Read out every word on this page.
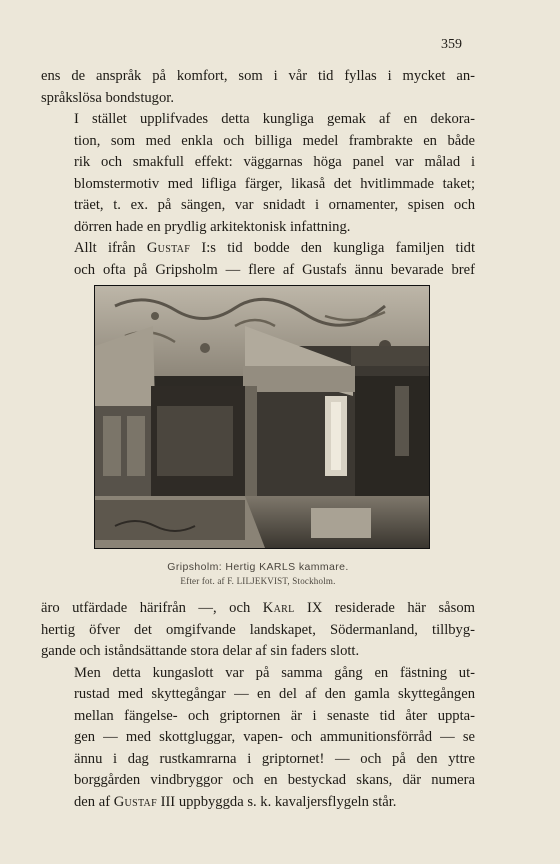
359

ens de anspråk på komfort, som i vår tid fyllas i mycket an-
språkslösa bondstugor.

I stället upplifvades detta kungliga gemak af en dekora-
tion, som med enkla och billiga medel frambrakte en både
rik och smakfull effekt: väggarnas höga panel var målad i
blomstermotiv med lifliga färger, likaså det hvitlimmade taket;
träet, t. ex. på sängen, var snidadt i ornamenter, spisen och
dörren hade en prydlig arkitektonisk infattning.

Allt ifrån Gustaf I:s tid bodde den kungliga familjen tidt
och ofta på Gripsholm — flere af Gustafs ännu bevarade bref

Gripsholm: Hertig KARLS kammare.
Efter fot. af F. LILJEKVIST, Stockholm.

äro utfärdade härifrån —, och Karl IX residerade här såsom
hertig öfver det omgifvande landskapet, Södermanland, tillbyg-
gande och iståndsättande stora delar af sin faders slott.

Men detta kungaslott var på samma gång en fästning ut-
rustad med skyttegångar — en del af den gamla skyttegången
mellan fängelse- och griptornen är i senaste tid åter uppta-
gen — med skottgluggar, vapen- och ammunitionsförråd — se
ännu i dag rustkamrarna i griptornet! — och på den yttre
borggården vindbryggor och en bestyckad skans, där numera
den af Gustaf III uppbyggda s. k. kavaljersflygeln står.
